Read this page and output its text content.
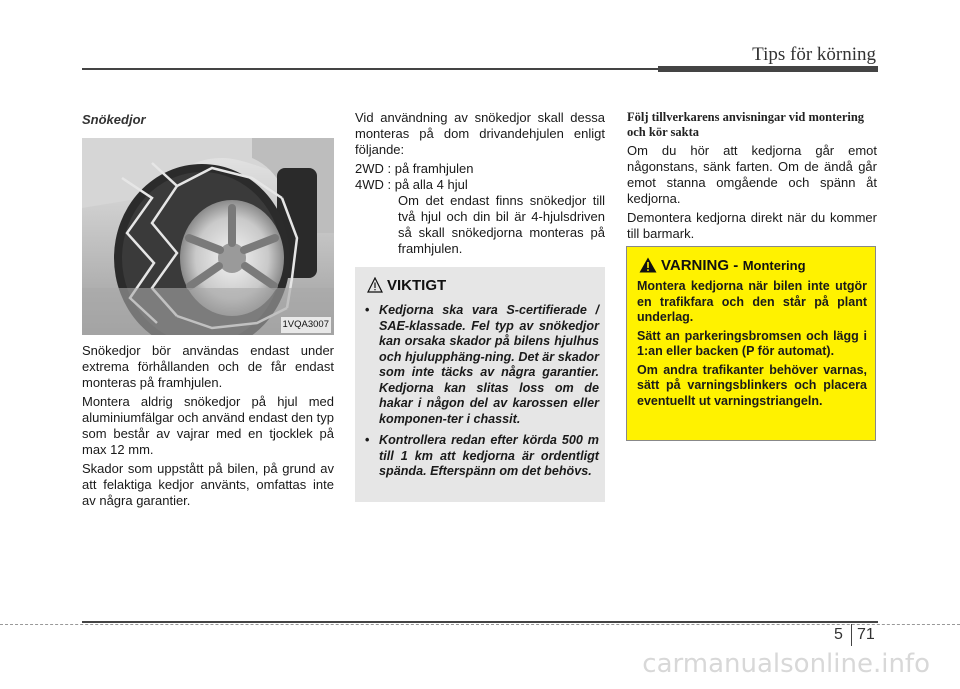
Tips för körning
Snökedjor
1VQA3007

Snökedjor bör användas endast under extrema förhållanden och de får endast monteras på framhjulen.

Montera aldrig snökedjor på hjul med aluminiumfälgar och använd endast den typ som består av vajrar med en tjocklek på max 12 mm.

Skador som uppstått på bilen, på grund av att felaktiga kedjor använts, omfattas inte av några garantier.

Vid användning av snökedjor skall dessa monteras på dom drivandehjulen enligt följande:

2WD : på framhjulen

4WD : på alla 4 hjul

Om det endast finns snökedjor till två hjul och din bil är 4-hjulsdriven så skall snökedjorna monteras på framhjulen.

VIKTIGT
• Kedjorna ska vara S-certifierade / SAE-klassade. Fel typ av snökedjor kan orsaka skador på bilens hjulhus och hjulupphäng-ning. Det är skador som inte täcks av några garantier. Kedjorna kan slitas loss om de hakar i någon del av karossen eller komponen-ter i chassit.
• Kontrollera redan efter körda 500 m till 1 km att kedjorna är ordentligt spända. Efterspänn om det behövs.
Följ tillverkarens anvisningar vid montering och kör sakta

Om du hör att kedjorna går emot någonstans, sänk farten. Om de ändå går emot stanna omgående och spänn åt kedjorna.

Demontera kedjorna direkt när du kommer till barmark.

VARNING - Montering

Montera kedjorna när bilen inte utgör en trafikfara och den står på plant underlag.

Sätt an parkeringsbromsen och lägg i 1:an eller backen (P för automat).

Om andra trafikanter behöver varnas, sätt på varningsblinkers och placera eventuellt ut varningstriangeln.

5 71
carmanualsonline.info
